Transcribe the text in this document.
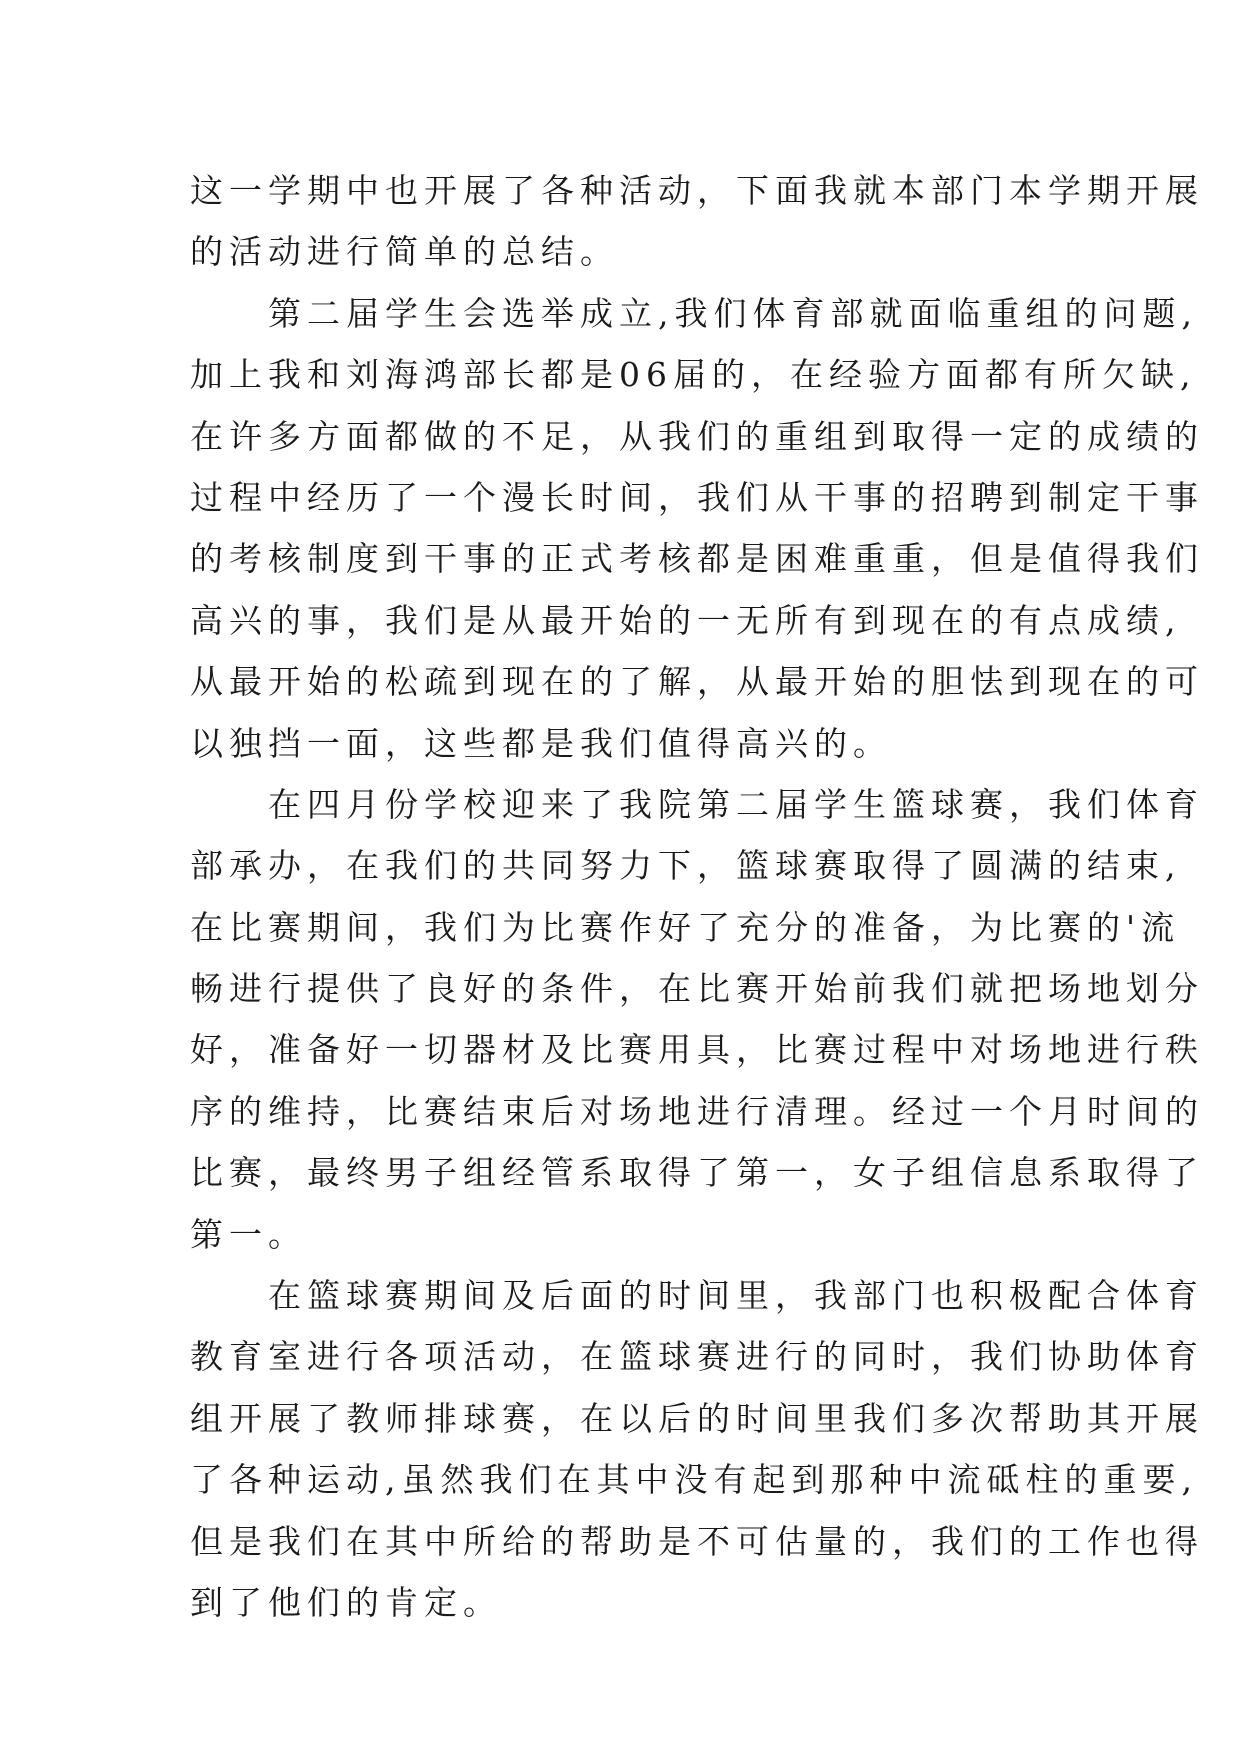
这一学期中也开展了各种活动，下面我就本部门本学期开展
的活动进行简单的总结。
　　第二届学生会选举成立,我们体育部就面临重组的问题,
加上我和刘海鸿部长都是06届的，在经验方面都有所欠缺,
在许多方面都做的不足，从我们的重组到取得一定的成绩的
过程中经历了一个漫长时间，我们从干事的招聘到制定干事
的考核制度到干事的正式考核都是困难重重，但是值得我们
高兴的事，我们是从最开始的一无所有到现在的有点成绩,
从最开始的松疏到现在的了解，从最开始的胆怯到现在的可
以独挡一面，这些都是我们值得高兴的。
　　在四月份学校迎来了我院第二届学生篮球赛，我们体育
部承办，在我们的共同努力下，篮球赛取得了圆满的结束,
在比赛期间，我们为比赛作好了充分的准备，为比赛的'流
畅进行提供了良好的条件，在比赛开始前我们就把场地划分
好，准备好一切器材及比赛用具，比赛过程中对场地进行秩
序的维持，比赛结束后对场地进行清理。经过一个月时间的
比赛，最终男子组经管系取得了第一，女子组信息系取得了
第一。
　　在篮球赛期间及后面的时间里，我部门也积极配合体育
教育室进行各项活动，在篮球赛进行的同时，我们协助体育
组开展了教师排球赛，在以后的时间里我们多次帮助其开展
了各种运动,虽然我们在其中没有起到那种中流砥柱的重要,
但是我们在其中所给的帮助是不可估量的，我们的工作也得
到了他们的肯定。
